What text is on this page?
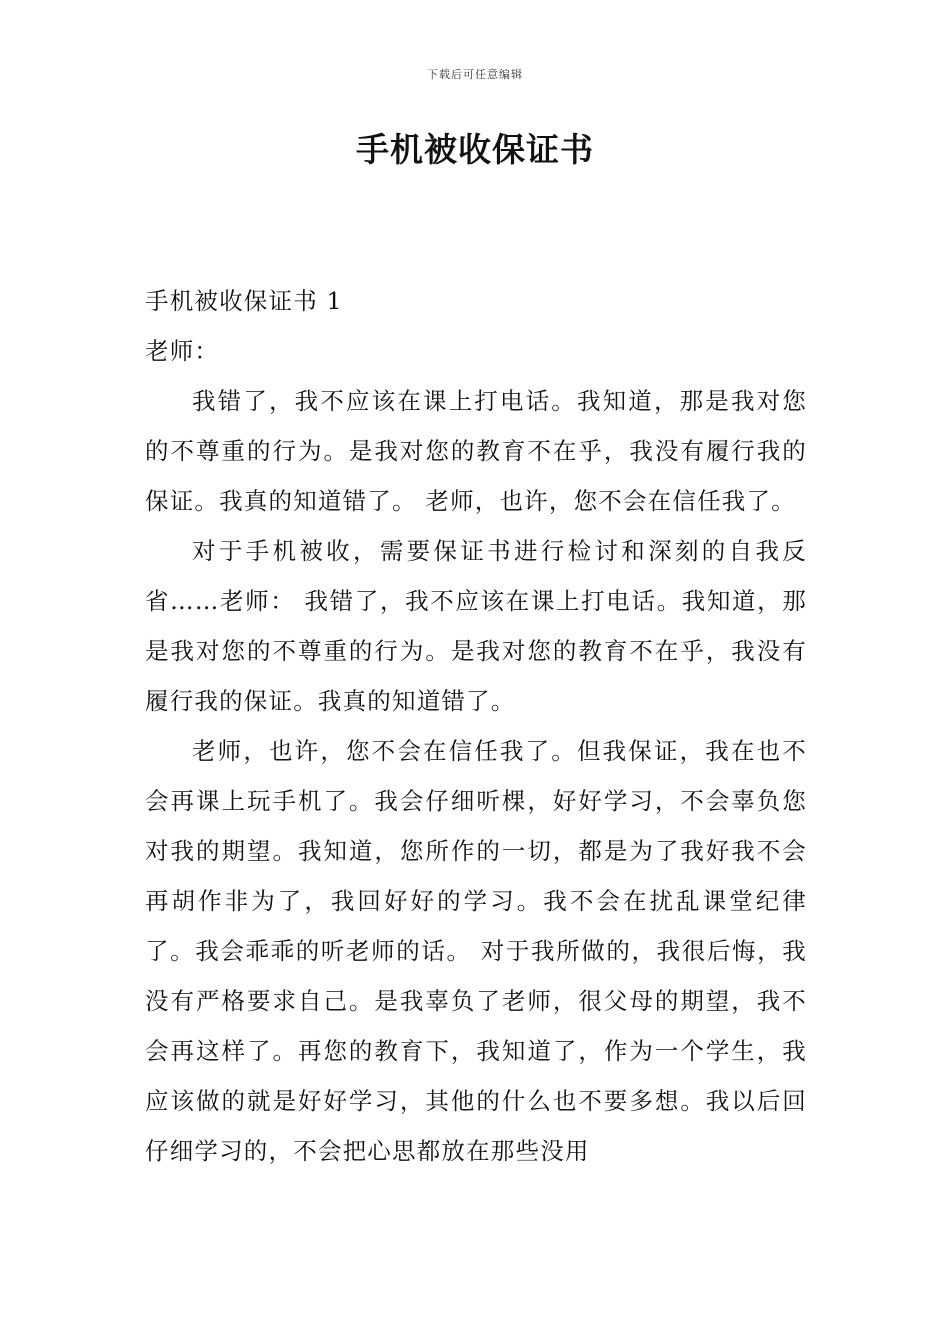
下载后可任意编辑
手机被收保证书

手机被收保证书 1

老师：

我错了，我不应该在课上打电话。我知道，那是我对您的不尊重的行为。是我对您的教育不在乎，我没有履行我的保证。我真的知道错了。 老师，也许，您不会在信任我了。

对于手机被收，需要保证书进行检讨和深刻的自我反省……老师： 我错了，我不应该在课上打电话。我知道，那是我对您的不尊重的行为。是我对您的教育不在乎，我没有履行我的保证。我真的知道错了。

老师，也许，您不会在信任我了。但我保证，我在也不会再课上玩手机了。我会仔细听棵，好好学习，不会辜负您对我的期望。我知道，您所作的一切，都是为了我好我不会再胡作非为了，我回好好的学习。我不会在扰乱课堂纪律了。我会乖乖的听老师的话。 对于我所做的，我很后悔，我没有严格要求自己。是我辜负了老师，很父母的期望，我不会再这样了。再您的教育下，我知道了，作为一个学生，我应该做的就是好好学习，其他的什么也不要多想。我以后回仔细学习的，不会把心思都放在那些没用
